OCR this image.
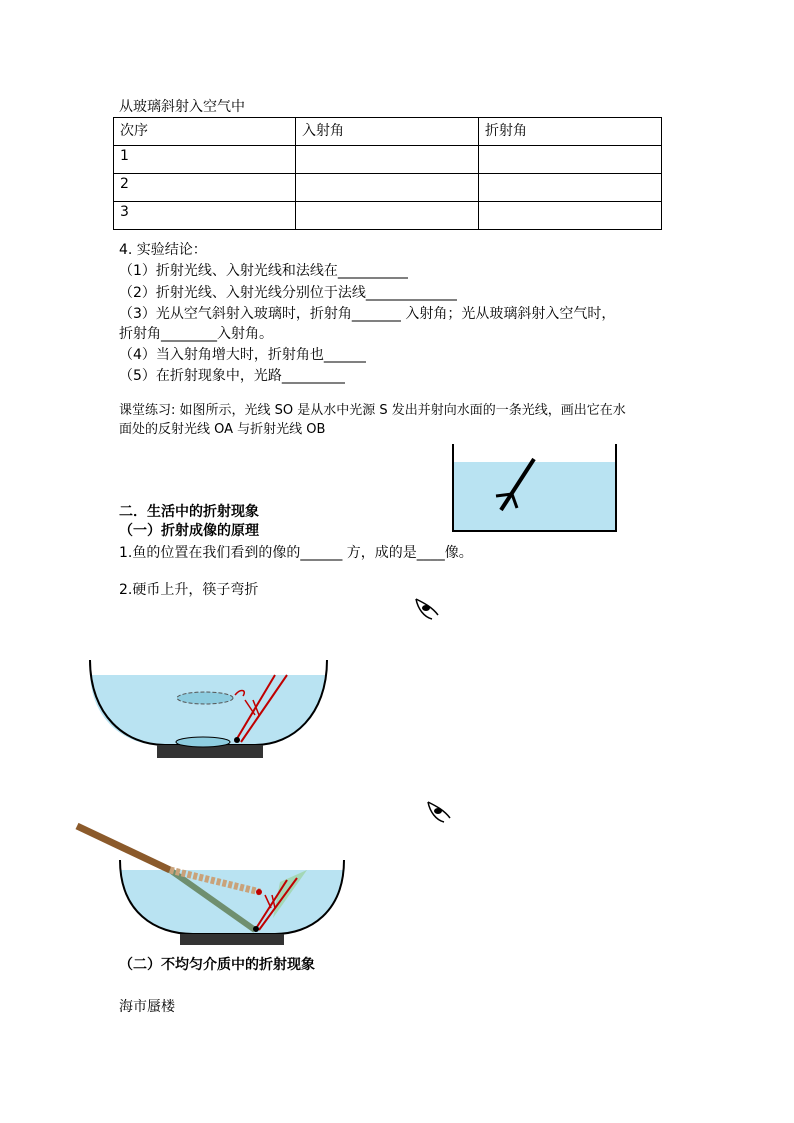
从玻璃斜射入空气中
次序	入射角	折射角
1		
2		
3		
4. 实验结论：
（1）折射光线、入射光线和法线在__________
（2）折射光线、入射光线分别位于法线_____________
（3）光从空气斜射入玻璃时，折射角_______ 入射角；光从玻璃斜射入空气时，
折射角________入射角。
（4）当入射角增大时，折射角也______
（5）在折射现象中，光路_________
课堂练习: 如图所示，光线 SO 是从水中光源 S 发出并射向水面的一条光线，画出它在水
面处的反射光线 OA 与折射光线 OB
二．生活中的折射现象
（一）折射成像的原理
1.鱼的位置在我们看到的像的______ 方，成的是____像。
2.硬币上升，筷子弯折
（二）不均匀介质中的折射现象
海市蜃楼
